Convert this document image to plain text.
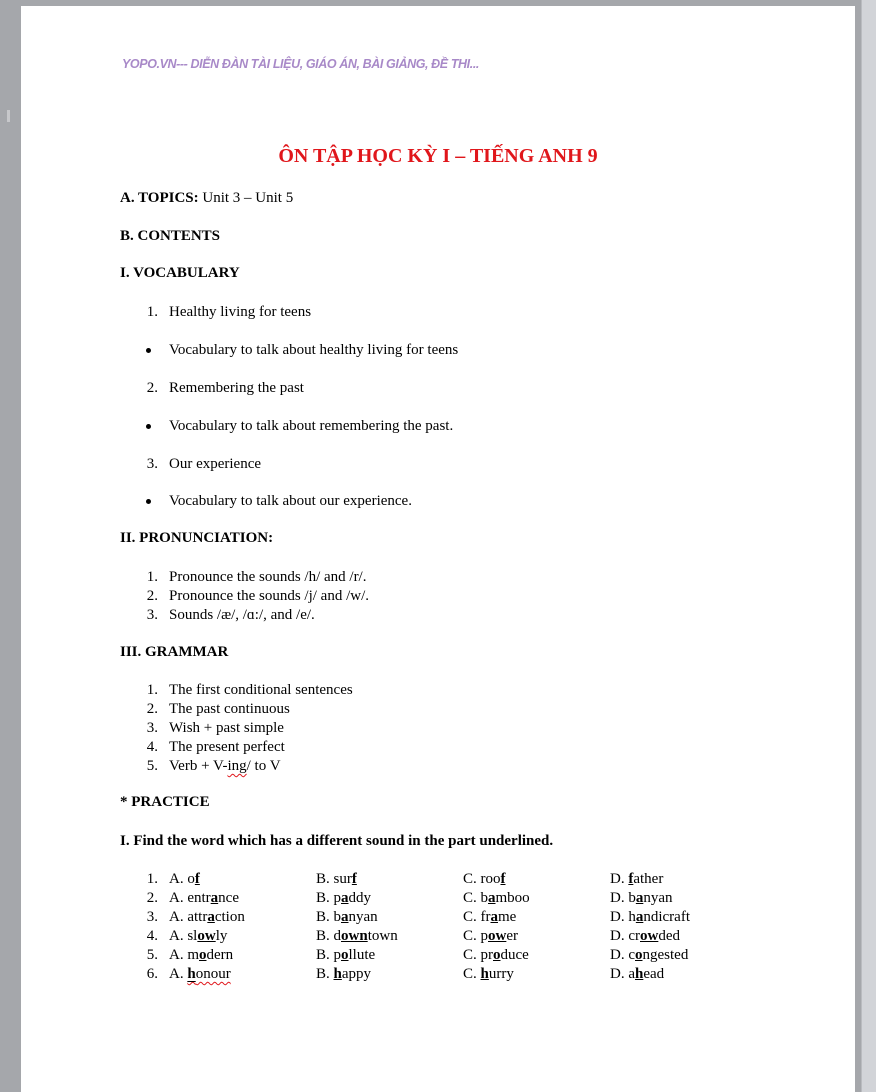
YOPO.VN--- DIỄN ĐÀN TÀI LIỆU, GIÁO ÁN, BÀI GIẢNG, ĐỀ THI...
ÔN TẬP HỌC KỲ I – TIẾNG ANH 9
A. TOPICS: Unit 3 – Unit 5
B. CONTENTS
I. VOCABULARY
1. Healthy living for teens
Vocabulary to talk about healthy living for teens
2. Remembering the past
Vocabulary to talk about remembering the past.
3. Our experience
Vocabulary to talk about our experience.
II. PRONUNCIATION:
1. Pronounce the sounds /h/ and /r/.
2. Pronounce the sounds /j/ and /w/.
3. Sounds /æ/, /ɑ:/, and /e/.
III. GRAMMAR
1. The first conditional sentences
2. The past continuous
3. Wish + past simple
4. The present perfect
5. Verb + V-ing/ to V
* PRACTICE
I. Find the word which has a different sound in the part underlined.
1. A. of	B. surf	C. roof	D. father
2. A. entrance	B. paddy	C. bamboo	D. banyan
3. A. attraction	B. banyan	C. frame	D. handicraft
4. A. slowly	B. downtown	C. power	D. crowded
5. A. modern	B. pollute	C. produce	D. congested
6. A. honour	B. happy	C. hurry	D. ahead
